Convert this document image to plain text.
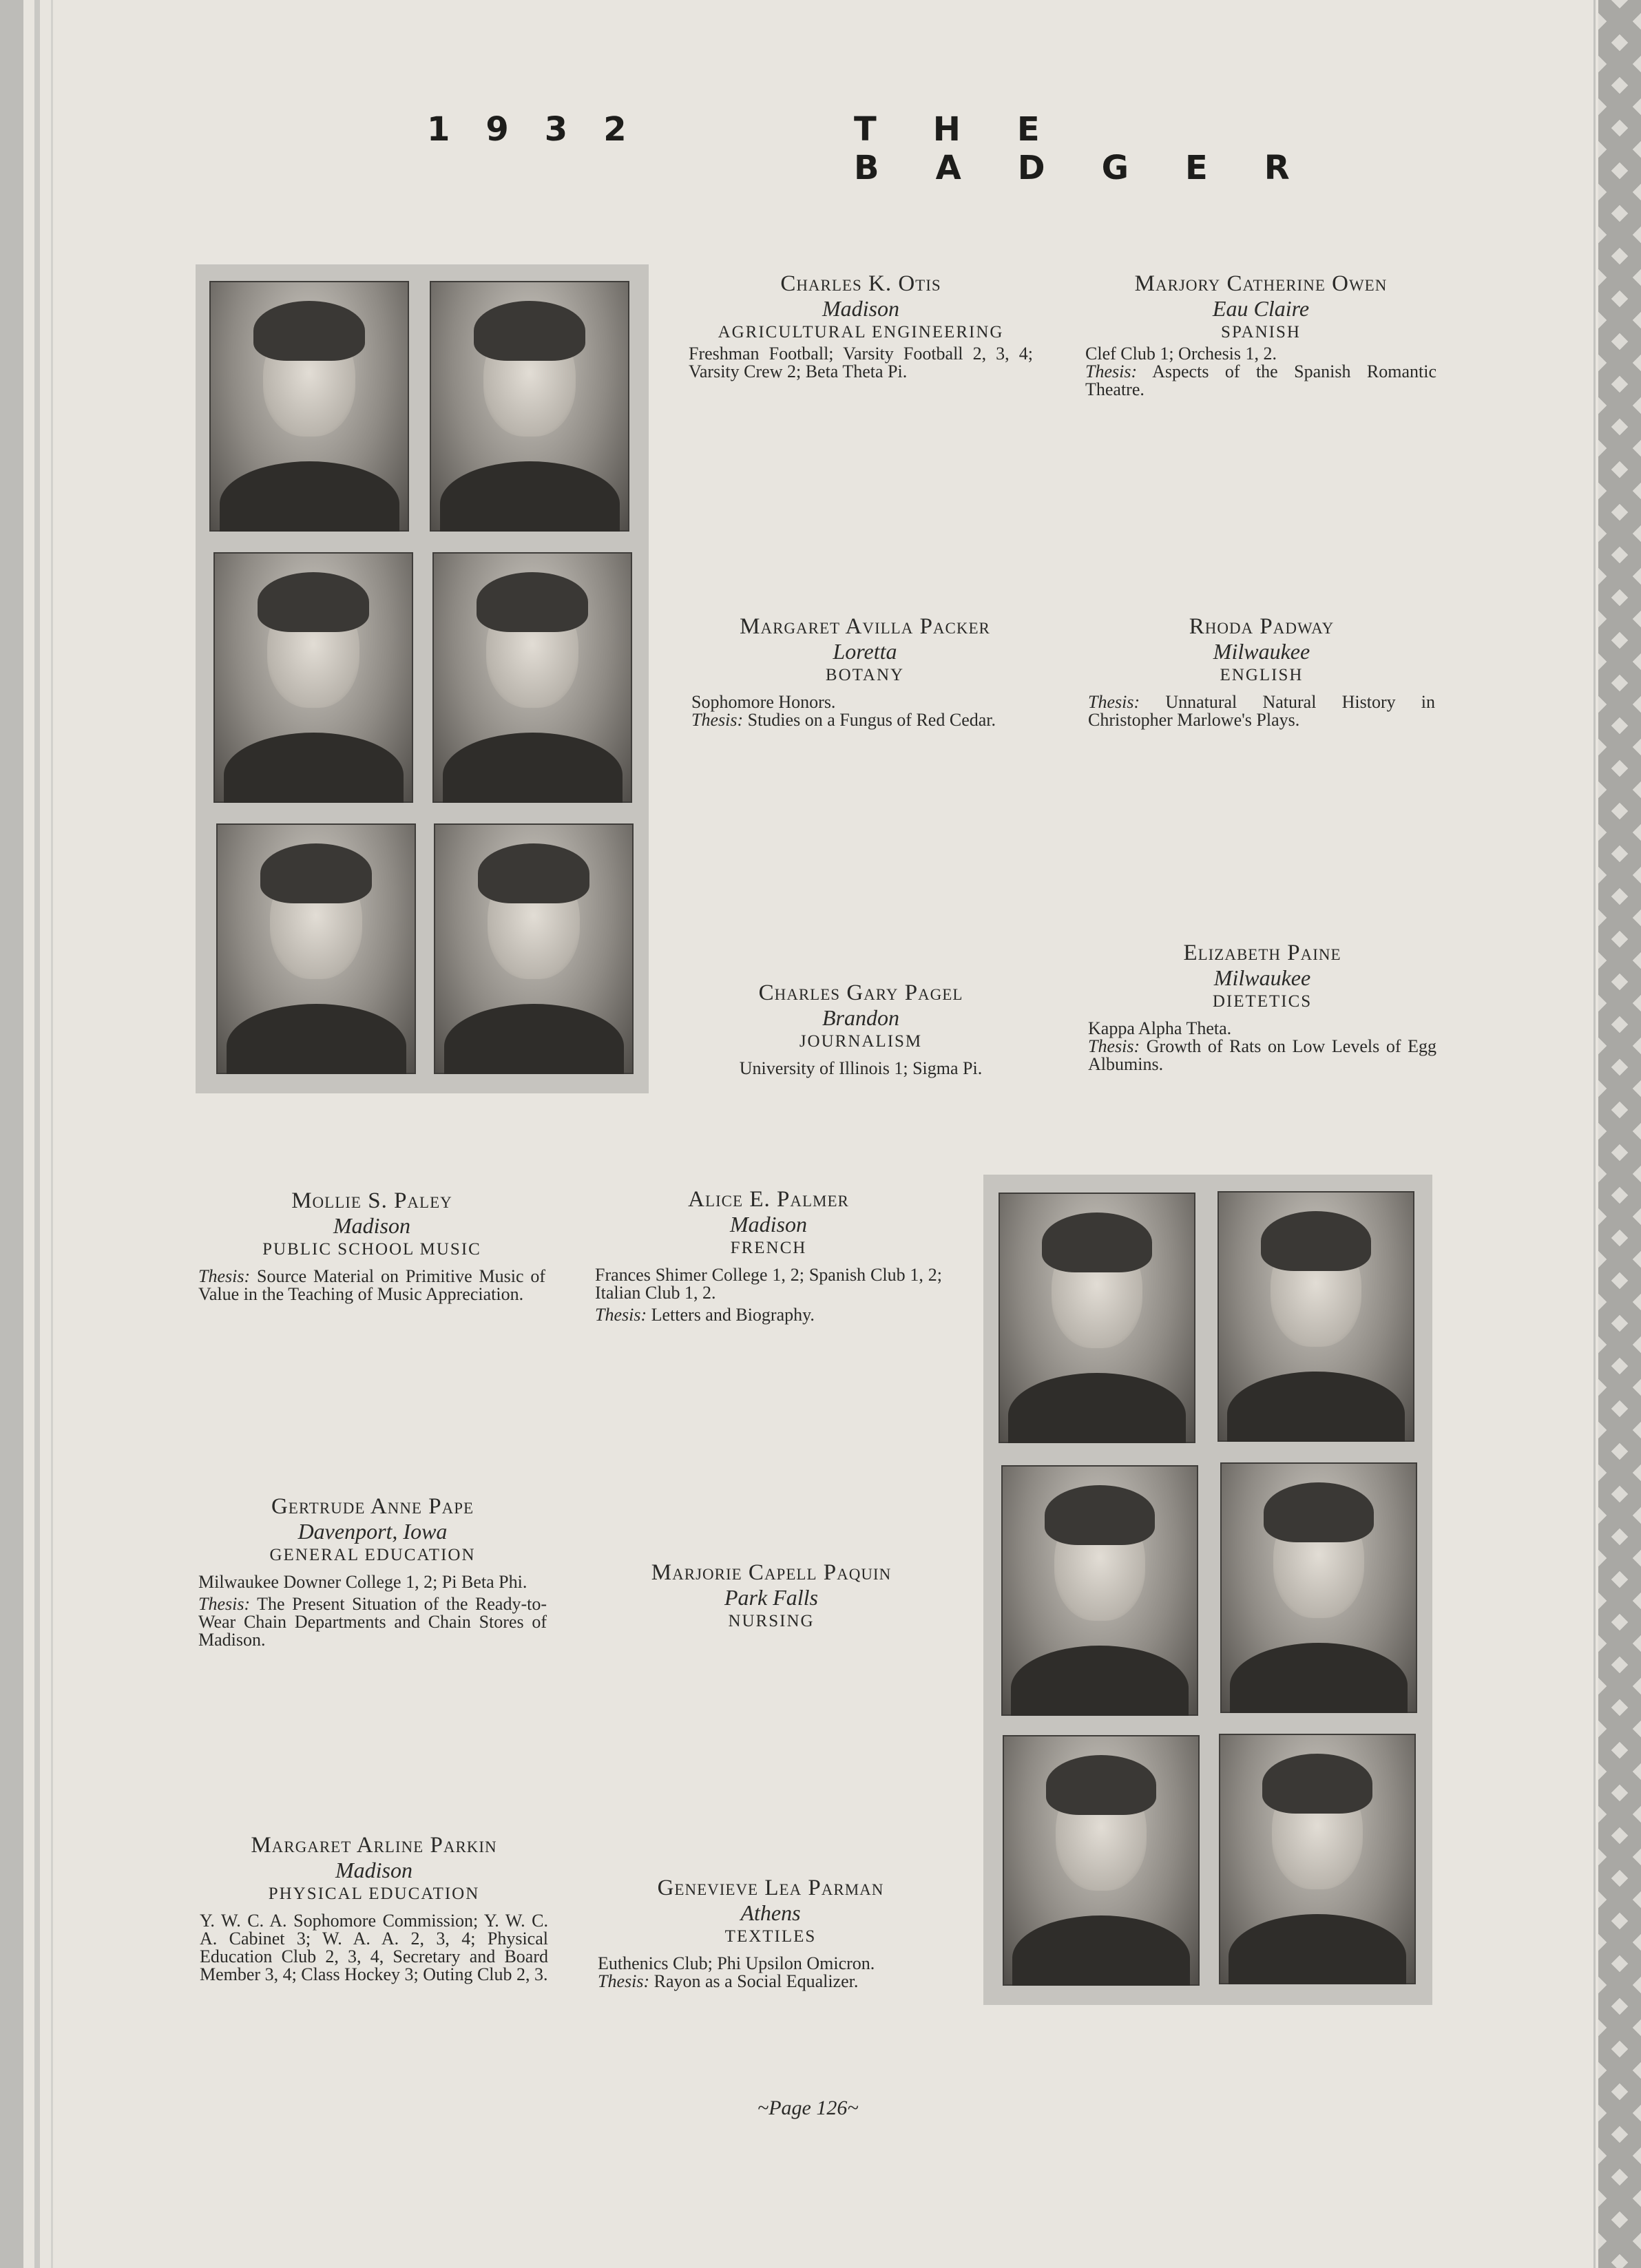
1932	THE BADGER
Charles K. Otis
Madison
AGRICULTURAL ENGINEERING
Freshman Football; Varsity Football 2, 3, 4; Varsity Crew 2; Beta Theta Pi.
Marjory Catherine Owen
Eau Claire
SPANISH
Clef Club 1; Orchesis 1, 2.
Thesis: Aspects of the Spanish Romantic Theatre.
Margaret Avilla Packer
Loretta
BOTANY
Sophomore Honors.
Thesis: Studies on a Fungus of Red Cedar.
Rhoda Padway
Milwaukee
ENGLISH
Thesis: Unnatural Natural History in Christopher Marlowe's Plays.
Charles Gary Pagel
Brandon
JOURNALISM
University of Illinois 1; Sigma Pi.
Elizabeth Paine
Milwaukee
DIETETICS
Kappa Alpha Theta.
Thesis: Growth of Rats on Low Levels of Egg Albumins.
Mollie S. Paley
Madison
PUBLIC SCHOOL MUSIC
Thesis: Source Material on Primitive Music of Value in the Teaching of Music Appreciation.
Alice E. Palmer
Madison
FRENCH
Frances Shimer College 1, 2; Spanish Club 1, 2; Italian Club 1, 2.
Thesis: Letters and Biography.
Gertrude Anne Pape
Davenport, Iowa
GENERAL EDUCATION
Milwaukee Downer College 1, 2; Pi Beta Phi.
Thesis: The Present Situation of the Ready-to-Wear Chain Departments and Chain Stores of Madison.
Marjorie Capell Paquin
Park Falls
NURSING
Margaret Arline Parkin
Madison
PHYSICAL EDUCATION
Y. W. C. A. Sophomore Commission; Y. W. C. A. Cabinet 3; W. A. A. 2, 3, 4; Physical Education Club 2, 3, 4, Secretary and Board Member 3, 4; Class Hockey 3; Outing Club 2, 3.
Genevieve Lea Parman
Athens
TEXTILES
Euthenics Club; Phi Upsilon Omicron.
Thesis: Rayon as a Social Equalizer.
~Page 126~
